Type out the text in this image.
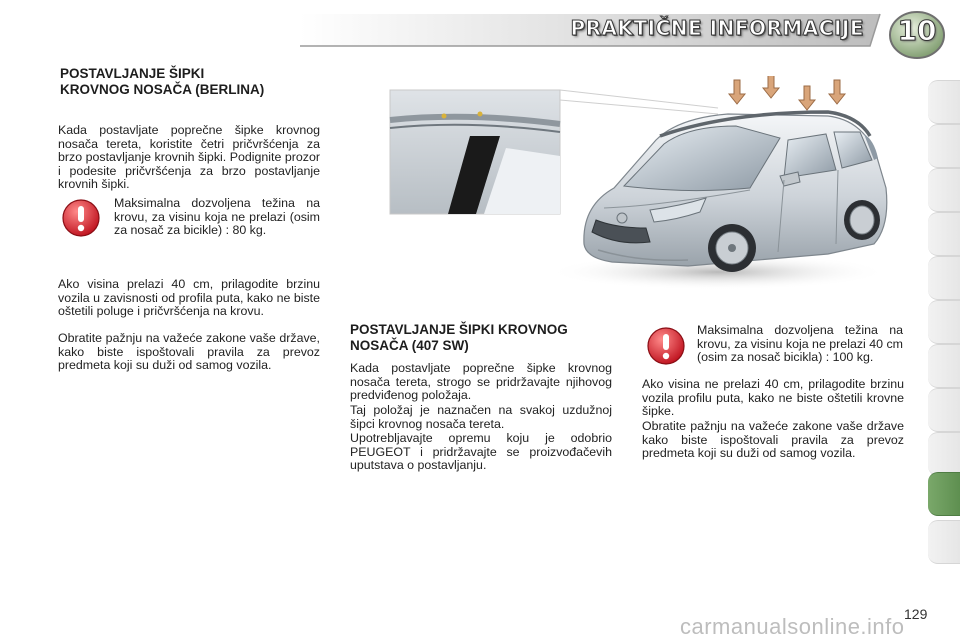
PRAKTIČNE INFORMACIJE	10
POSTAVLJANJE ŠIPKI KROVNOG NOSAČA (BERLINA)

Kada postavljate poprečne šipke krovnog nosača tereta, koristite četri pričvršćenja za brzo postavljanje krovnih šipki. Podignite prozor i podesite pričvršćenja za brzo postavljanje krovnih šipki.

Maksimalna dozvoljena težina na krovu, za visinu koja ne prelazi (osim za nosač za bicikle) : 80 kg.

Ako visina prelazi 40 cm, prilagodite brzinu vozila u zavisnosti od profila puta, kako ne biste oštetili poluge i pričvršćenja na krovu.

Obratite pažnju na važeće zakone vaše države, kako biste ispoštovali pravila za prevoz predmeta koji su duži od samog vozila.

POSTAVLJANJE ŠIPKI KROVNOG NOSAČA (407 SW)

Kada postavljate poprečne šipke krovnog nosača tereta, strogo se pridržavajte njihovog predviđenog položaja.

Taj položaj je naznačen na svakoj uzdužnoj šipci krovnog nosača tereta.

Upotrebljavajte opremu koju je odobrio PEUGEOT i pridržavajte se proizvođačevih uputstava o postavljanju.

Maksimalna dozvoljena težina na krovu, za visinu koja ne prelazi 40 cm (osim za nosač bicikla) : 100 kg.

Ako visina ne prelazi 40 cm, prilagodite brzinu vozila profilu puta, kako ne biste oštetili krovne šipke.

Obratite pažnju na važeće zakone vaše države kako biste ispoštovali pravila za prevoz predmeta koji su duži od samog vozila.

129
carmanualsonline.info
